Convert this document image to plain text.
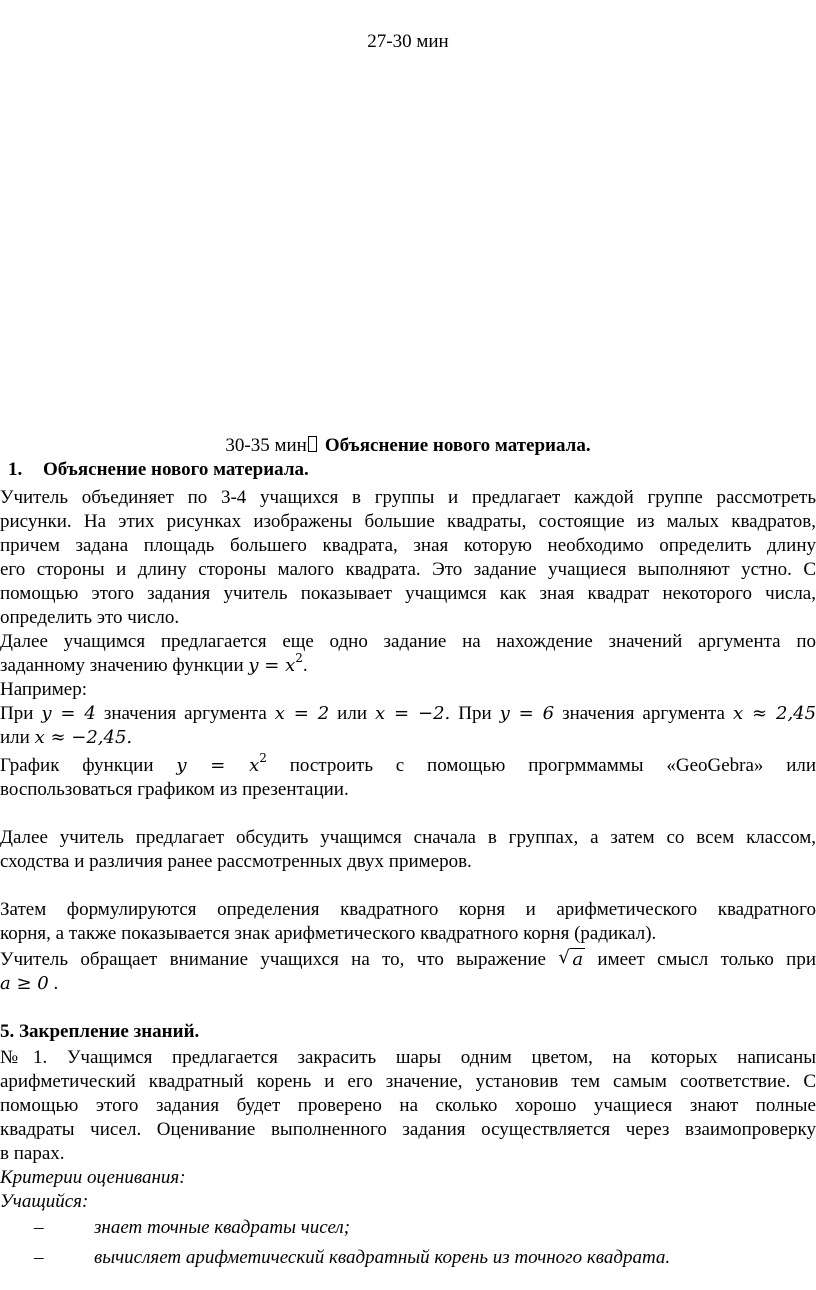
27-30 мин
30-35 мин Объяснение нового материала.
1. Объяснение нового материала.
Учитель объединяет по 3-4 учащихся в группы и предлагает каждой группе рассмотреть
рисунки. На этих рисунках изображены большие квадраты, состоящие из малых квадратов,
причем задана площадь большего квадрата, зная которую необходимо определить длину
его стороны и длину стороны малого квадрата. Это задание учащиеся выполняют устно. С
помощью этого задания учитель показывает учащимся как зная квадрат некоторого числа,
определить это число.
Далее учащимся предлагается еще одно задание на нахождение значений аргумента по
заданному значению функции $y = x^2$.
Например:
При y = 4 значения аргумента x = 2 или x = −2. При y = 6 значения аргумента x ≈ 2,45
или x ≈ −2,45.
График функции $y = x^2$ построить с помощью прогрммаммы «GeoGebra» или
воспользоваться графиком из презентации.
Далее учитель предлагает обсудить учащимся сначала в группах, а затем со всем классом,
сходства и различия ранее рассмотренных двух примеров.
Затем формулируются определения квадратного корня и арифметического квадратного
корня, а также показывается знак арифметического квадратного корня (радикал).
Учитель обращает внимание учащихся на то, что выражение √ a имеет смысл только при
a ≥ 0 .
5. Закрепление знаний.
№1. Учащимся предлагается закрасить шары одним цветом, на которых написаны
арифметический квадратный корень и его значение, установив тем самым соответствие. С
помощью этого задания будет проверено на сколько хорошо учащиеся знают полные
квадраты чисел. Оценивание выполненного задания осуществляется через взаимопроверку
в парах.
Критерии оценивания:
Учащийся:
–	знает точные квадраты чисел;
–	вычисляет арифметический квадратный корень из точного квадрата.
